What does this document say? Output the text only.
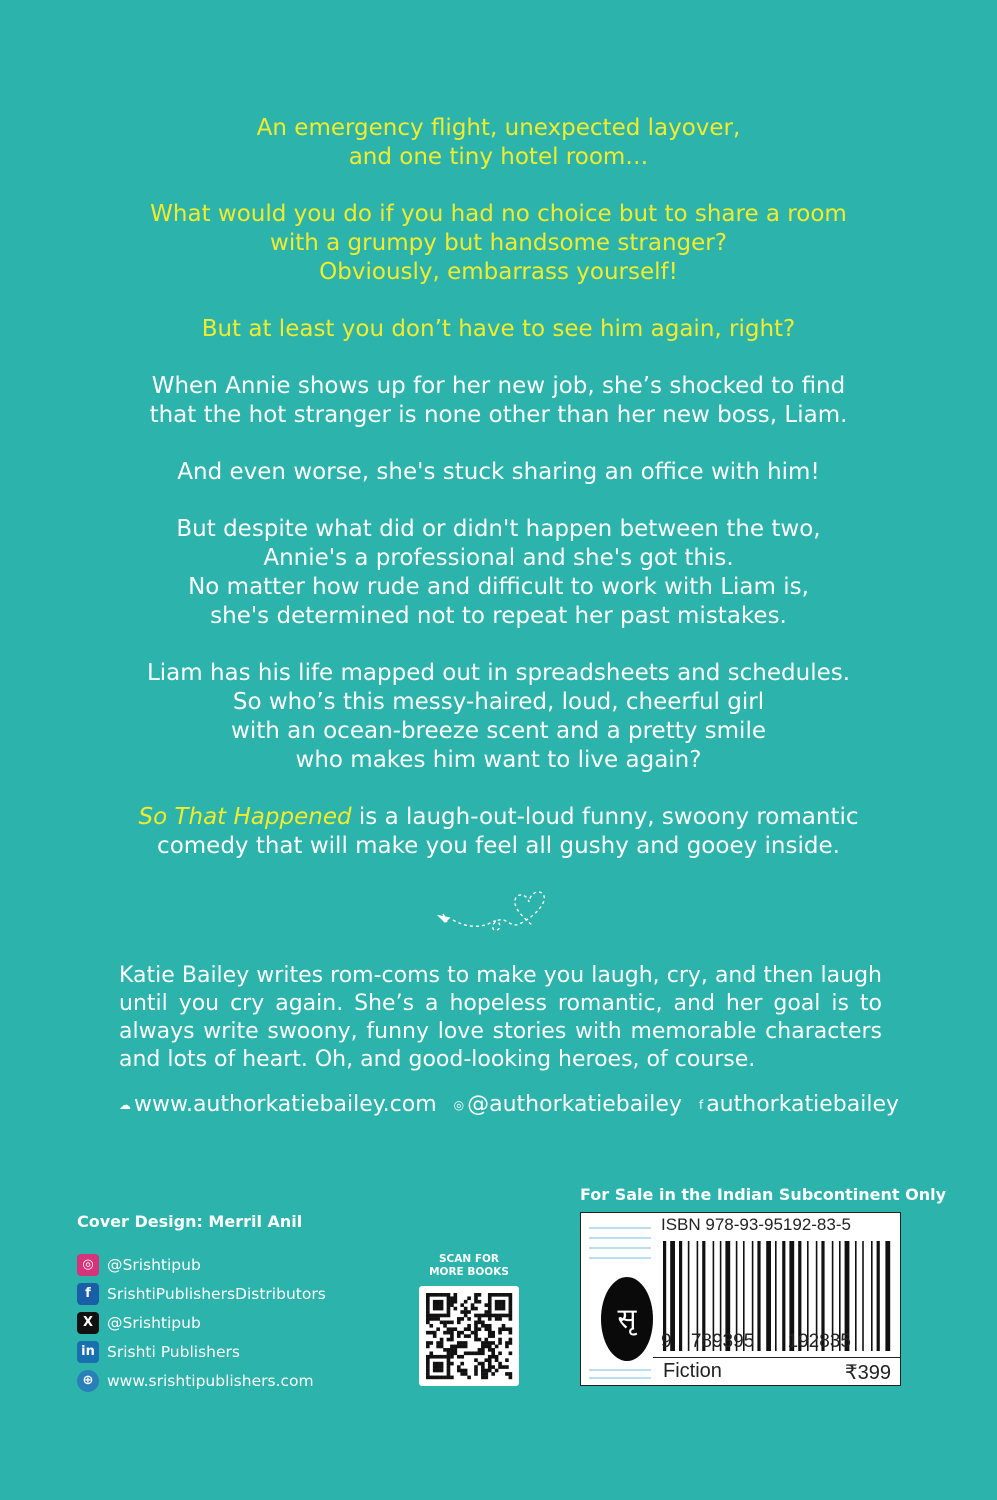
An emergency flight, unexpected layover,
and one tiny hotel room…

What would you do if you had no choice but to share a room
with a grumpy but handsome stranger?
Obviously, embarrass yourself!

But at least you don’t have to see him again, right?

When Annie shows up for her new job, she’s shocked to find
that the hot stranger is none other than her new boss, Liam.

And even worse, she's stuck sharing an office with him!

But despite what did or didn't happen between the two,
Annie's a professional and she's got this.
No matter how rude and difficult to work with Liam is,
she's determined not to repeat her past mistakes.

Liam has his life mapped out in spreadsheets and schedules.
So who’s this messy-haired, loud, cheerful girl
with an ocean-breeze scent and a pretty smile
who makes him want to live again?

So That Happened is a laugh-out-loud funny, swoony romantic
comedy that will make you feel all gushy and gooey inside.

Katie Bailey writes rom-coms to make you laugh, cry, and then laugh until you cry again. She’s a hopeless romantic, and her goal is to always write swoony, funny love stories with memorable characters and lots of heart. Oh, and good-looking heroes, of course.
☁ www.authorkatiebailey.com ◎ @authorkatiebailey f authorkatiebailey
Cover Design: Merril Anil
◎ @Srishtipub
f	SrishtiPublishersDistributors
X @Srishtipub
in Srishti Publishers
⊕ www.srishtipublishers.com
SCAN FOR
MORE BOOKS
For Sale in the Indian Subcontinent Only
सृ
ISBN 978-93-95192-83-5
9 789395 192835
Fiction	₹399
